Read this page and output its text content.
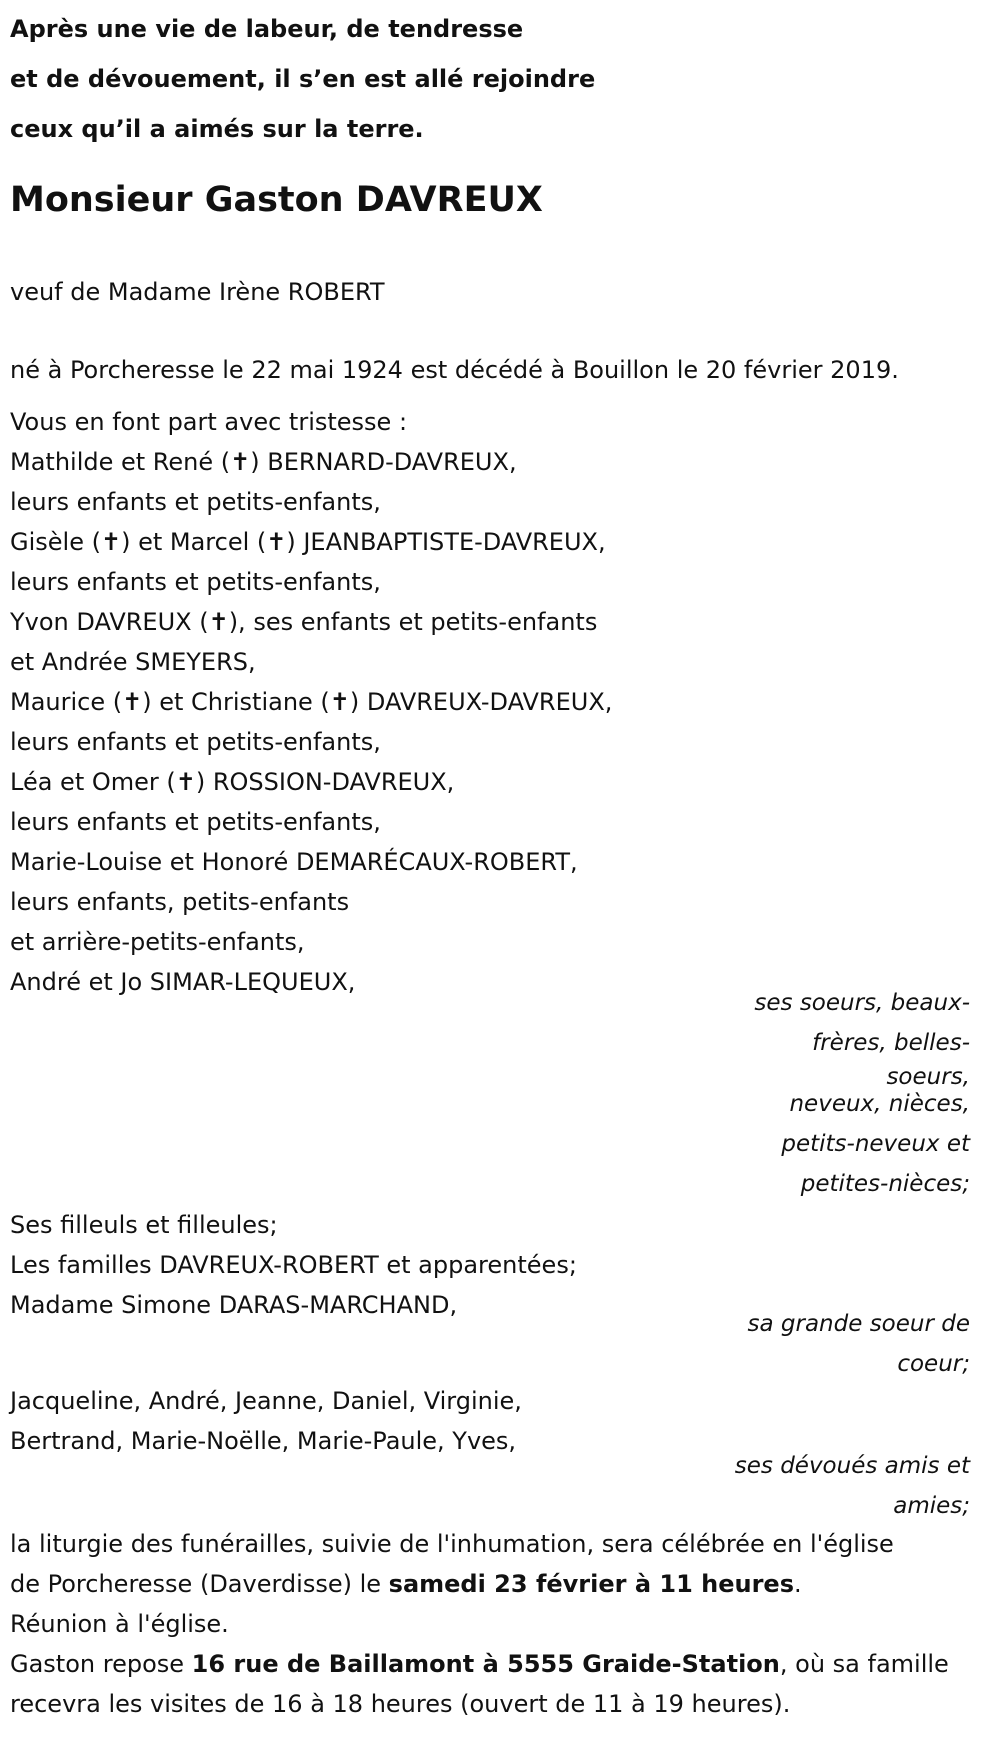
Après une vie de labeur, de tendresse
et de dévouement, il s’en est allé rejoindre
ceux qu’il a aimés sur la terre.
Monsieur Gaston DAVREUX
veuf de Madame Irène ROBERT
né à Porcheresse le 22 mai 1924 est décédé à Bouillon le 20 février 2019.
Vous en font part avec tristesse :
Mathilde et René (✝) BERNARD-DAVREUX,
leurs enfants et petits-enfants,
Gisèle (✝) et Marcel (✝) JEANBAPTISTE-DAVREUX,
leurs enfants et petits-enfants,
Yvon DAVREUX (✝), ses enfants et petits-enfants
et Andrée SMEYERS,
Maurice (✝) et Christiane (✝) DAVREUX-DAVREUX,
leurs enfants et petits-enfants,
Léa et Omer (✝) ROSSION-DAVREUX,
leurs enfants et petits-enfants,
Marie-Louise et Honoré DEMARÉCAUX-ROBERT,
leurs enfants, petits-enfants
et arrière-petits-enfants,
André et Jo SIMAR-LEQUEUX,
ses soeurs, beaux-
frères, belles-
soeurs,
neveux, nièces,
petits-neveux et
petites-nièces;
Ses filleuls et filleules;
Les familles DAVREUX-ROBERT et apparentées;
Madame Simone DARAS-MARCHAND,
sa grande soeur de
coeur;
Jacqueline, André, Jeanne, Daniel, Virginie,
Bertrand, Marie-Noëlle, Marie-Paule, Yves,
ses dévoués amis et
amies;
la liturgie des funérailles, suivie de l'inhumation, sera célébrée en l'église
de Porcheresse (Daverdisse) le samedi 23 février à 11 heures.
Réunion à l'église.
Gaston repose 16 rue de Baillamont à 5555 Graide-Station, où sa famille
recevra les visites de 16 à 18 heures (ouvert de 11 à 19 heures).
